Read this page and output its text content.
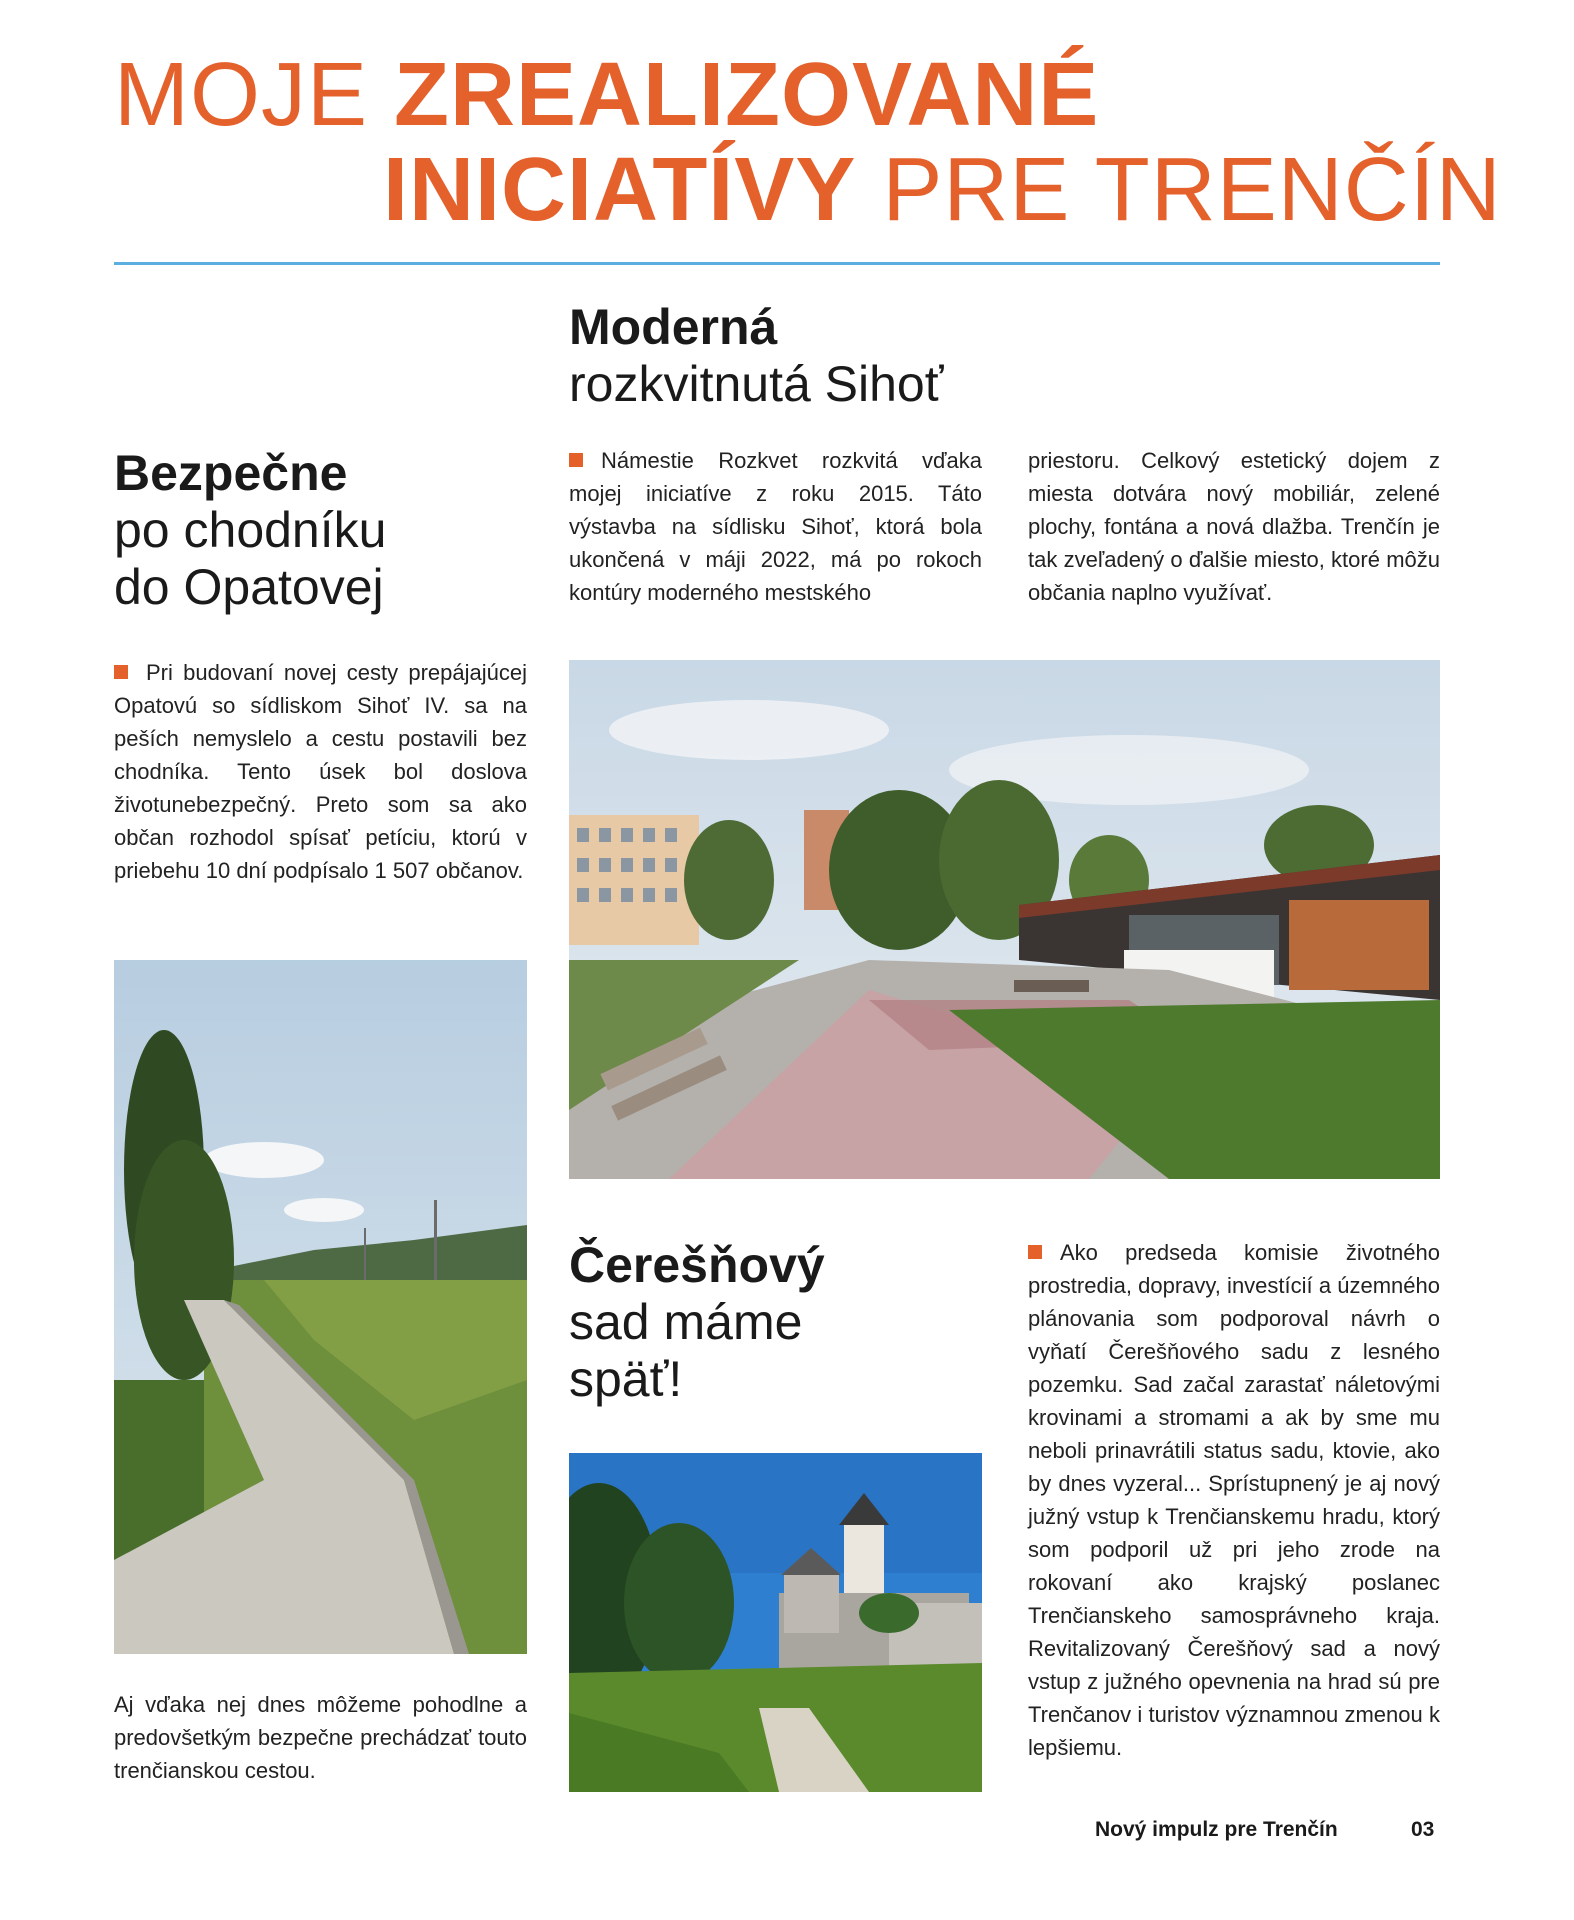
MOJE ZREALIZOVANÉ
INICIATÍVY PRE TRENČÍN
Moderná
rozkvitnutá Sihoť
Námestie Rozkvet rozkvitá vďaka mojej iniciatíve z roku 2015. Táto výstavba na sídlisku Sihoť, ktorá bola ukončená v máji 2022, má po rokoch kontúry moderného mestského
priestoru. Celkový estetický dojem z miesta dotvára nový mobiliár, zelené plochy, fontána a nová dlažba. Trenčín je tak zveľadený o ďalšie miesto, ktoré môžu občania naplno využívať.
Bezpečne
po chodníku
do Opatovej
Pri budovaní novej cesty prepájajúcej Opatovú so sídliskom Sihoť IV. sa na peších nemyslelo a cestu postavili bez chodníka. Tento úsek bol doslova životunebezpečný. Preto som sa ako občan rozhodol spísať petíciu, ktorú v priebehu 10 dní podpísalo 1 507 občanov.
Čerešňový
sad máme
späť!
Ako predseda komisie životného prostredia, dopravy, investícií a územného plánovania som podporoval návrh o vyňatí Čerešňového sadu z lesného pozemku. Sad začal zarastať náletovými krovinami a stromami a ak by sme mu neboli prinavrátili status sadu, ktovie, ako by dnes vyzeral... Sprístupnený je aj nový južný vstup k Trenčianskemu hradu, ktorý som podporil už pri jeho zrode na rokovaní ako krajský poslanec Trenčianskeho samosprávneho kraja. Revitalizovaný Čerešňový sad a nový vstup z južného opevnenia na hrad sú pre Trenčanov i turistov významnou zmenou k lepšiemu.
Aj vďaka nej dnes môžeme pohodlne a predovšetkým bezpečne prechádzať touto trenčianskou cestou.
Nový impulz pre Trenčín	03
